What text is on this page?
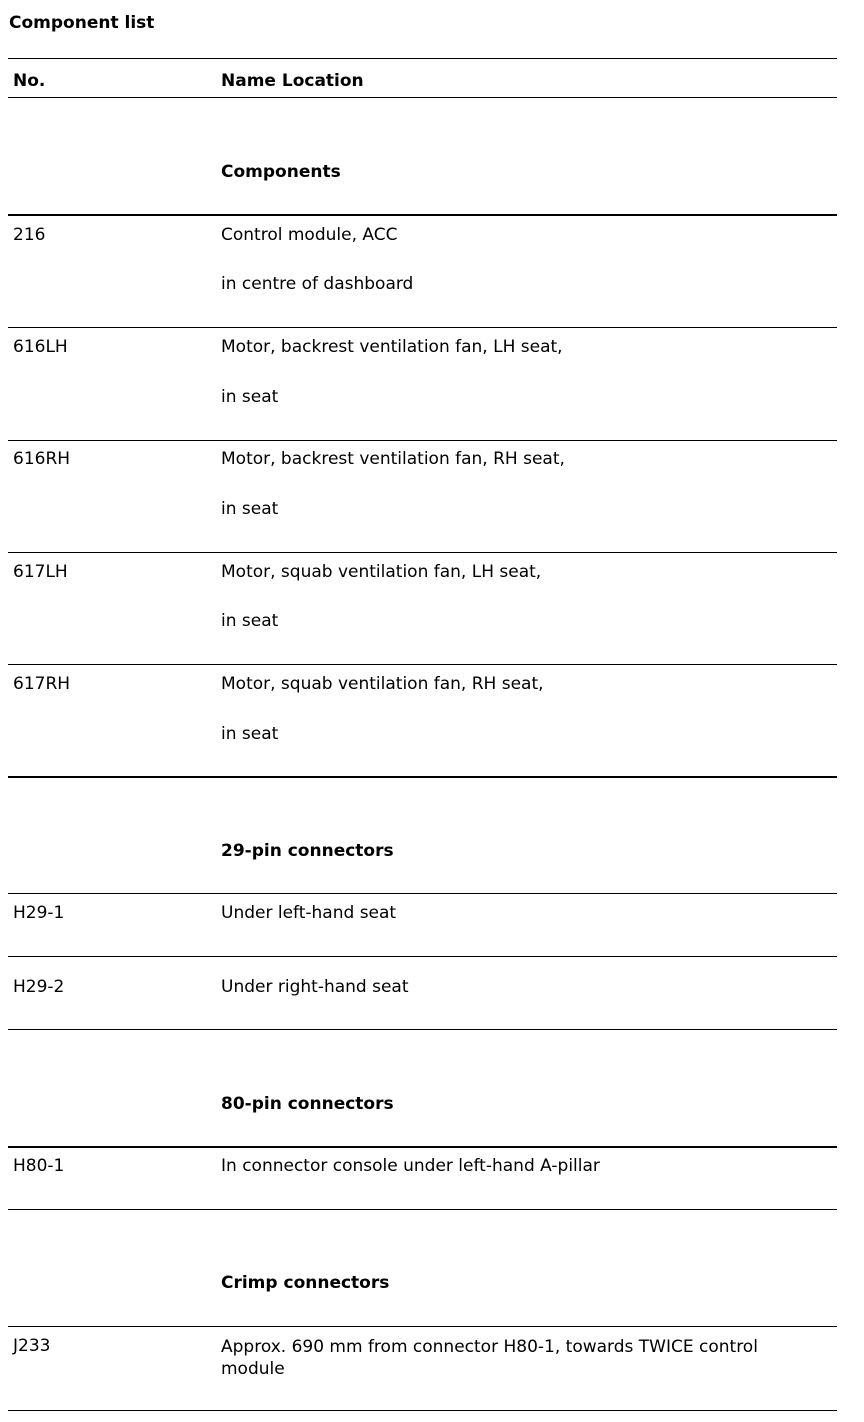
Component list
No.	Name Location
Components
216	Control module, ACC
in centre of dashboard
616LH	Motor, backrest ventilation fan, LH seat,
in seat
616RH	Motor, backrest ventilation fan, RH seat,
in seat
617LH	Motor, squab ventilation fan, LH seat,
in seat
617RH	Motor, squab ventilation fan, RH seat,
in seat
29-pin connectors
H29-1	Under left-hand seat
H29-2	Under right-hand seat
80-pin connectors
H80-1	In connector console under left-hand A-pillar
Crimp connectors
J233	Approx. 690 mm from connector H80-1, towards TWICE control module
